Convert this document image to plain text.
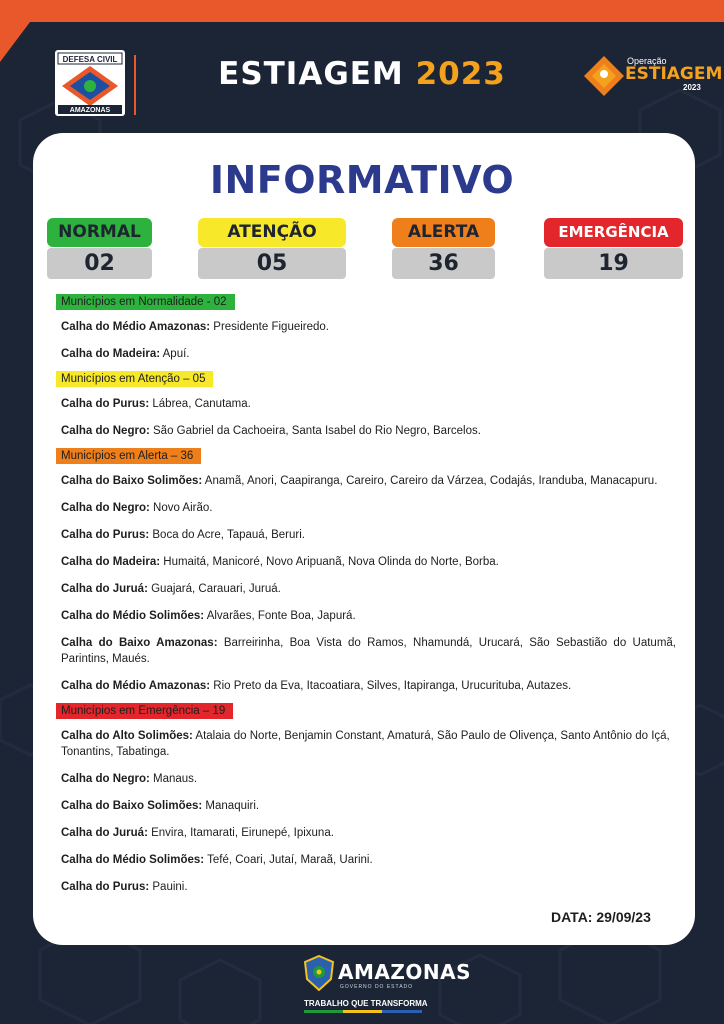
DEFESA CIVIL
AMAZONAS
ESTIAGEM 2023	Operação
ESTIAGEM
2023
INFORMATIVO
NORMAL
02
ATENÇÃO
05
ALERTA
36
EMERGÊNCIA
19
Municípios em Normalidade - 02

Calha do Médio Amazonas: Presidente Figueiredo.

Calha do Madeira: Apuí.

Municípios em Atenção – 05

Calha do Purus: Lábrea, Canutama.

Calha do Negro: São Gabriel da Cachoeira, Santa Isabel do Rio Negro, Barcelos.

Municípios em Alerta – 36

Calha do Baixo Solimões: Anamã, Anori, Caapiranga, Careiro, Careiro da Várzea, Codajás, Iranduba, Manacapuru.

Calha do Negro: Novo Airão.

Calha do Purus: Boca do Acre, Tapauá, Beruri.

Calha do Madeira: Humaitá, Manicoré, Novo Aripuanã, Nova Olinda do Norte, Borba.

Calha do Juruá: Guajará, Carauari, Juruá.

Calha do Médio Solimões: Alvarães, Fonte Boa, Japurá.

Calha do Baixo Amazonas: Barreirinha, Boa Vista do Ramos, Nhamundá, Urucará, São Sebastião do Uatumã, Parintins, Maués.

Calha do Médio Amazonas: Rio Preto da Eva, Itacoatiara, Silves, Itapiranga, Urucurituba, Autazes.

Municípios em Emergência – 19

Calha do Alto Solimões: Atalaia do Norte, Benjamin Constant, Amaturá, São Paulo de Olivença, Santo Antônio do Içá, Tonantins, Tabatinga.

Calha do Negro: Manaus.

Calha do Baixo Solimões: Manaquiri.

Calha do Juruá: Envira, Itamarati, Eirunepé, Ipixuna.

Calha do Médio Solimões: Tefé, Coari, Jutaí, Maraã, Uarini.

Calha do Purus: Pauini.

DATA: 29/09/23
AMAZONAS
GOVERNO DO ESTADO
TRABALHO QUE TRANSFORMA
